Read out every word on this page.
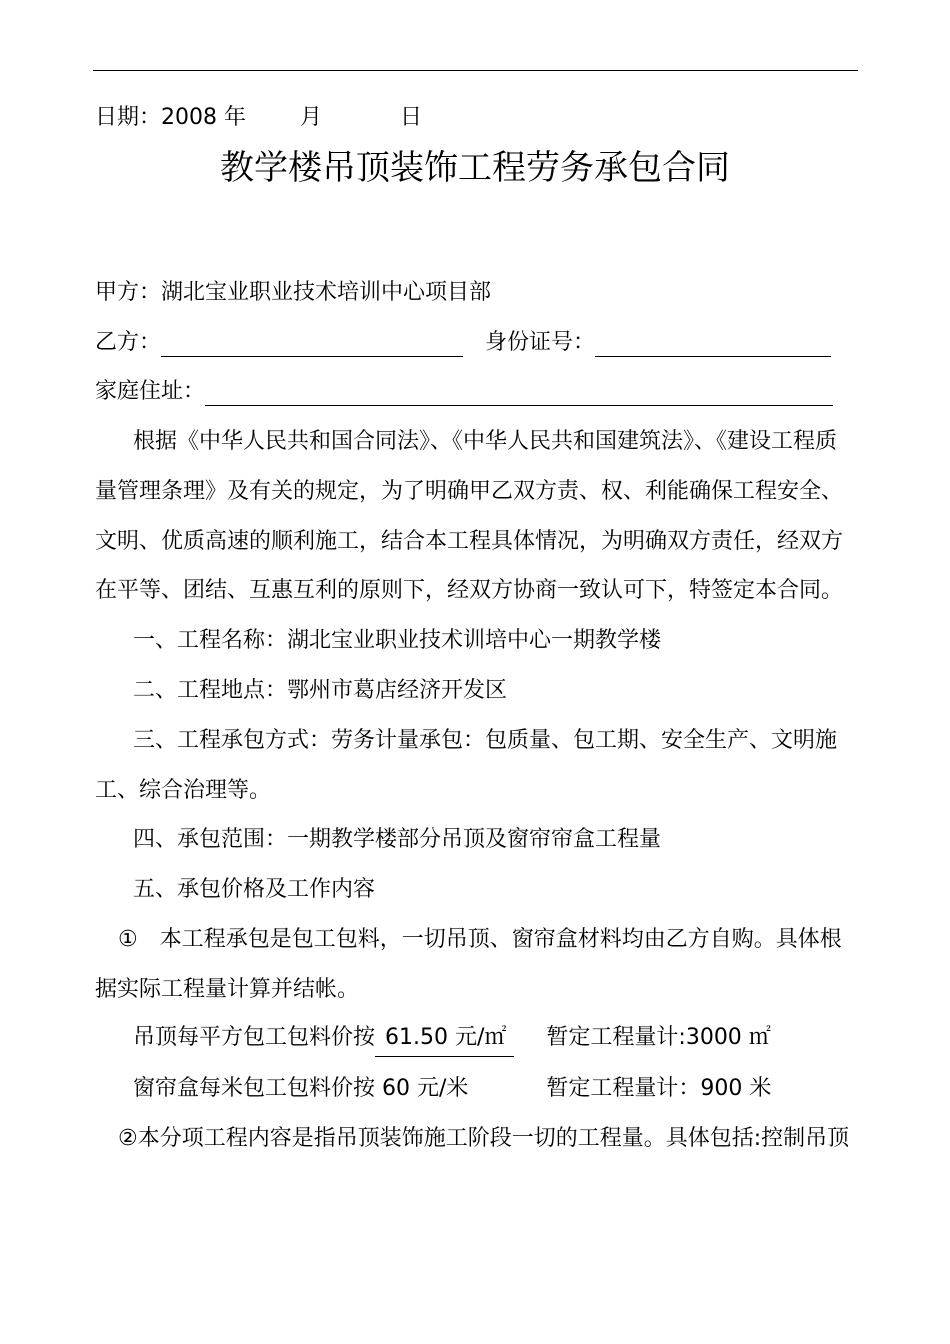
日期：2008 年 月	日
教学楼吊顶装饰工程劳务承包合同
甲方：湖北宝业职业技术培训中心项目部
乙方：	身份证号：
家庭住址：
根据《中华人民共和国合同法》、《中华人民共和国建筑法》、《建设工程质
量管理条理》及有关的规定，为了明确甲乙双方责、权、利能确保工程安全、
文明、优质高速的顺利施工，结合本工程具体情况，为明确双方责任，经双方
在平等、团结、互惠互利的原则下，经双方协商一致认可下，特签定本合同。
一、工程名称：湖北宝业职业技术训培中心一期教学楼
二、工程地点：鄂州市葛店经济开发区
三、工程承包方式：劳务计量承包：包质量、包工期、安全生产、文明施
工、综合治理等。
四、承包范围：一期教学楼部分吊顶及窗帘帘盒工程量
五、承包价格及工作内容
①　本工程承包是包工包料，一切吊顶、窗帘盒材料均由乙方自购。具体根
据实际工程量计算并结帐。
吊顶每平方包工包料价按 61.50 元/㎡ 暂定工程量计:3000 ㎡
窗帘盒每米包工包料价按 60 元/米	暂定工程量计：900 米
②本分项工程内容是指吊顶装饰施工阶段一切的工程量。具体包括:控制吊顶
